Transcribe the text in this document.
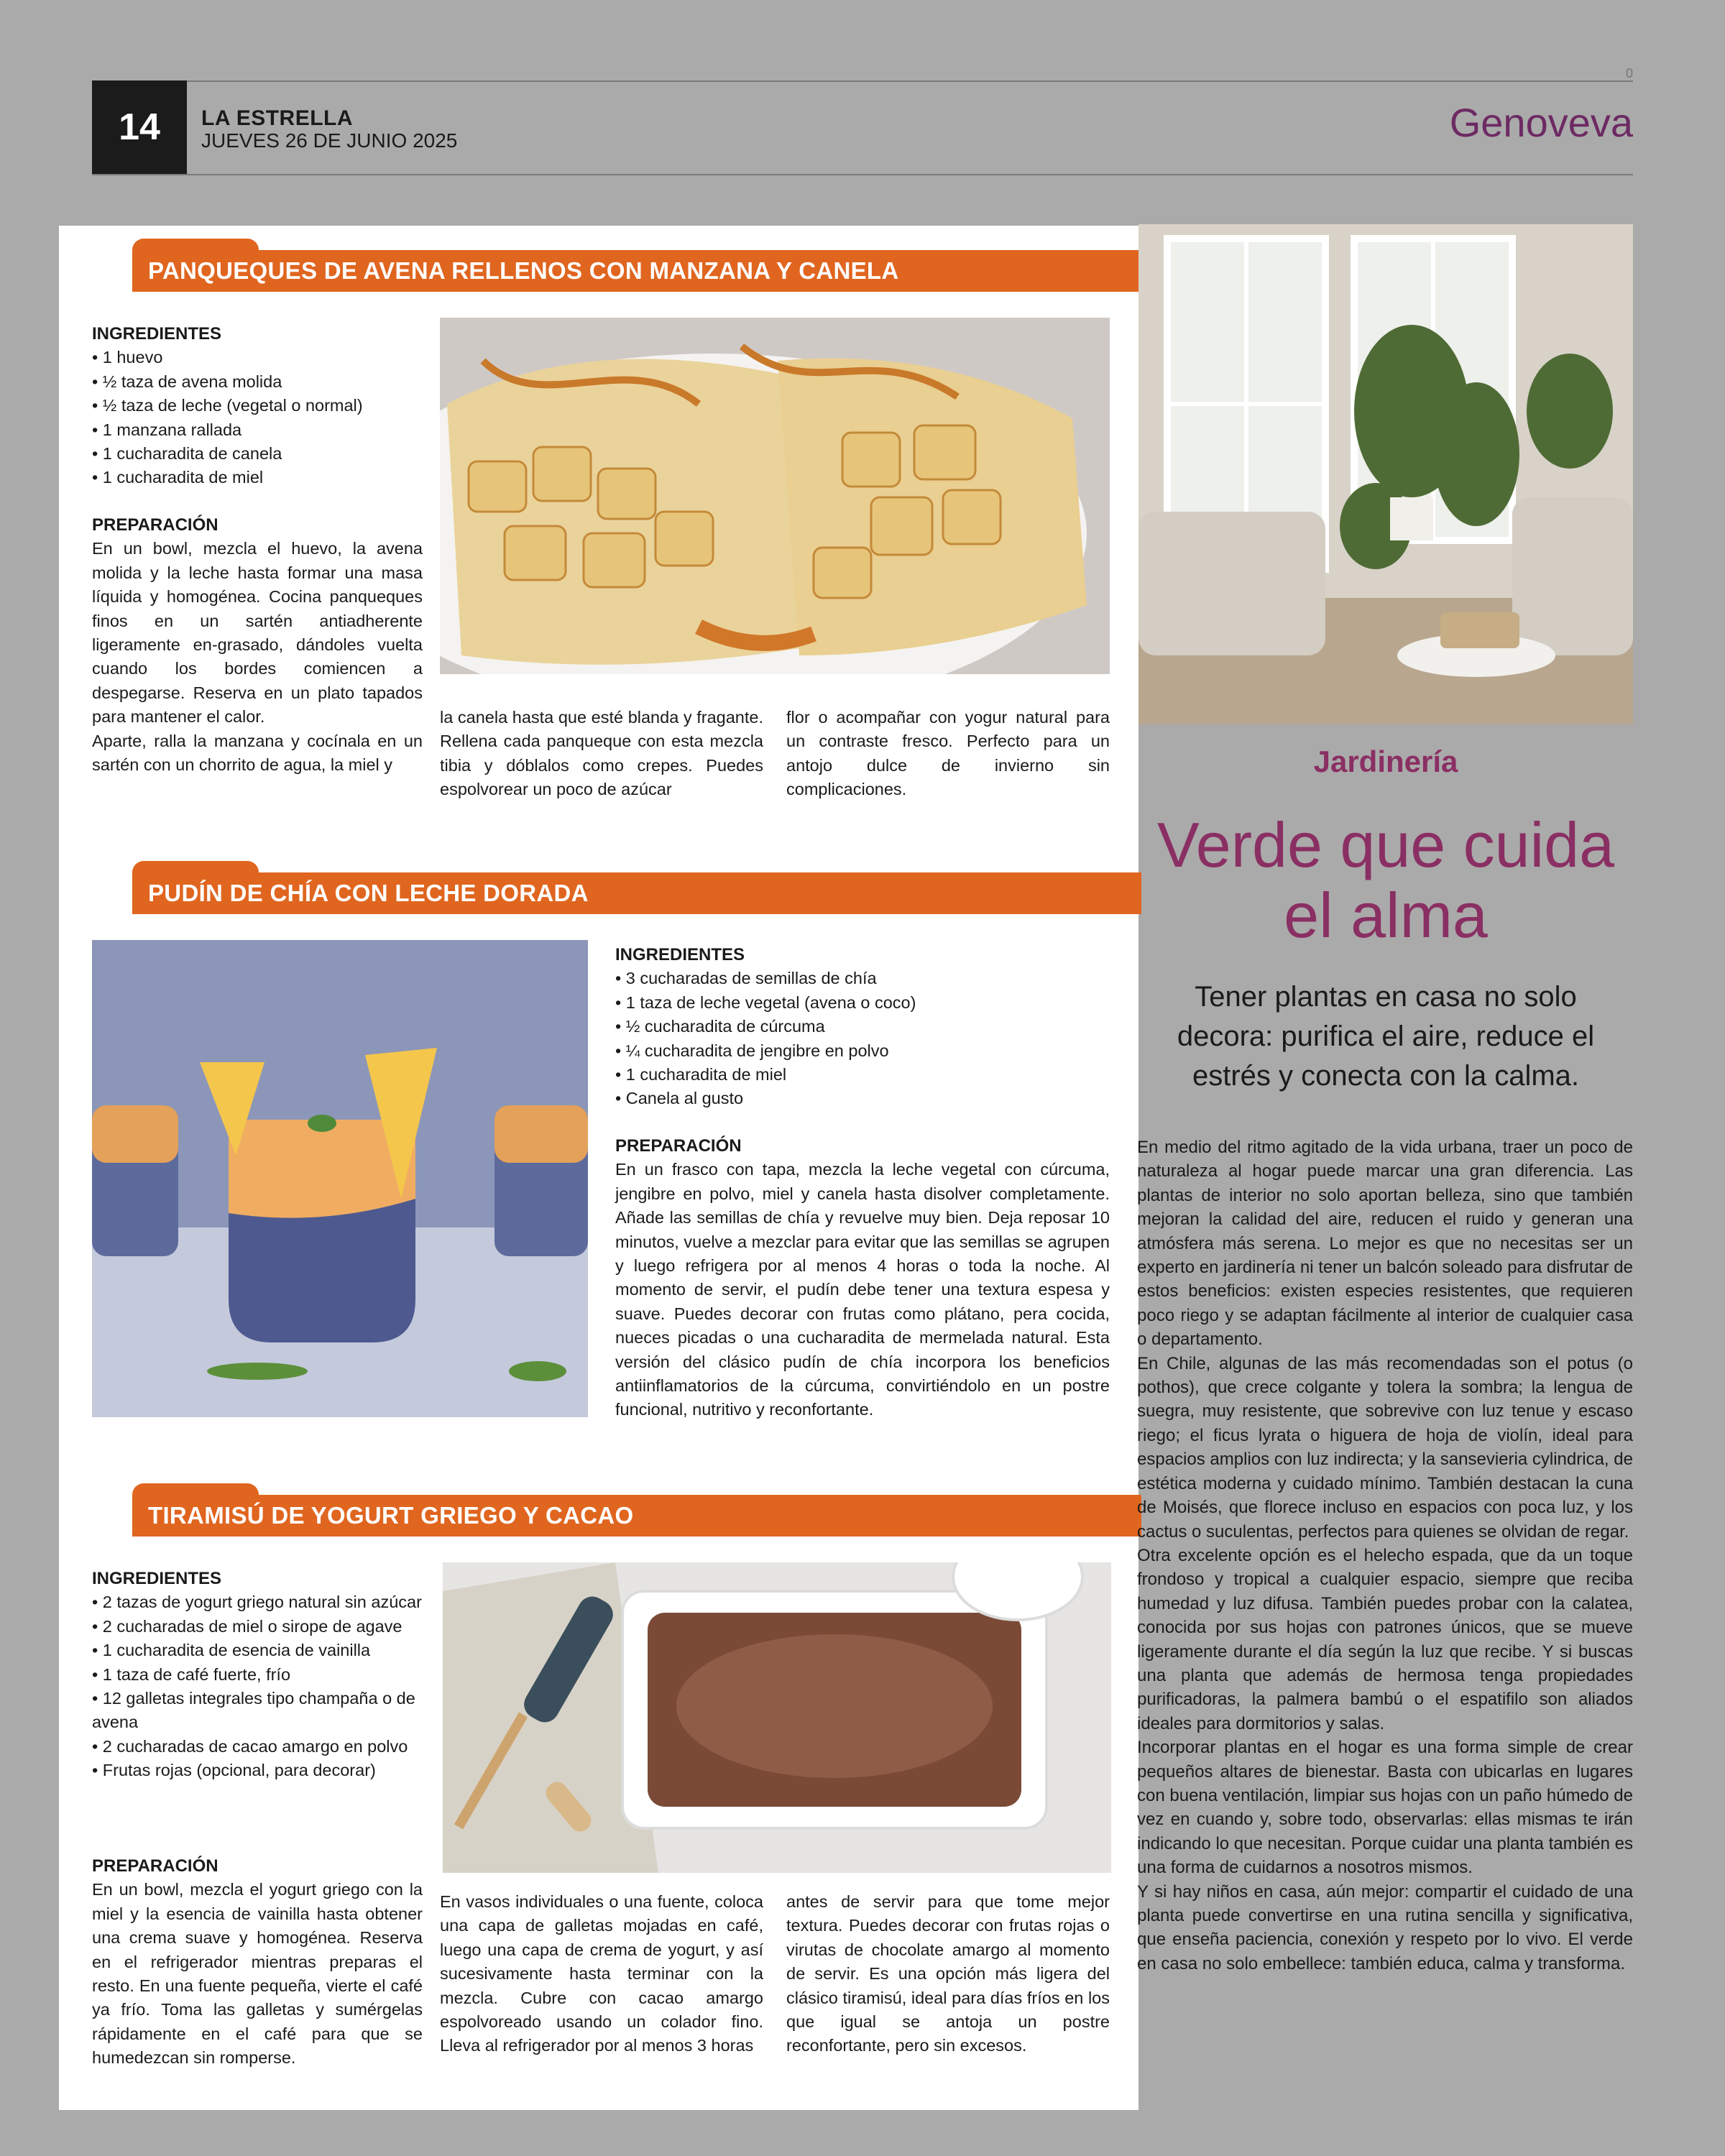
14	LA ESTRELLA
JUEVES 26 DE JUNIO 2025	Genoveva
0
PANQUEQUES DE AVENA RELLENOS CON MANZANA Y CANELA

INGREDIENTES

• 1 huevo
• ½ taza de avena molida
• ½ taza de leche (vegetal o normal)
• 1 manzana rallada
• 1 cucharadita de canela
• 1 cucharadita de miel

PREPARACIÓN

En un bowl, mezcla el huevo, la avena molida y la leche hasta formar una masa líquida y homogénea. Cocina panqueques finos en un sartén antiadherente ligeramente en-grasado, dándoles vuelta cuando los bordes comiencen a despegarse. Reserva en un plato tapados para mantener el calor.

Aparte, ralla la manzana y cocínala en un sartén con un chorrito de agua, la miel y

la canela hasta que esté blanda y fragante. Rellena cada panqueque con esta mezcla tibia y dóblalos como crepes. Puedes espolvorear un poco de azúcar

flor o acompañar con yogur natural para un contraste fresco. Perfecto para un antojo dulce de invierno sin complicaciones.

PUDÍN DE CHÍA CON LECHE DORADA

INGREDIENTES

• 3 cucharadas de semillas de chía
• 1 taza de leche vegetal (avena o coco)
• ½ cucharadita de cúrcuma
• ¼ cucharadita de jengibre en polvo
• 1 cucharadita de miel
• Canela al gusto

PREPARACIÓN

En un frasco con tapa, mezcla la leche vegetal con cúrcuma, jengibre en polvo, miel y canela hasta disolver completamente. Añade las semillas de chía y revuelve muy bien. Deja reposar 10 minutos, vuelve a mezclar para evitar que las semillas se agrupen y luego refrigera por al menos 4 horas o toda la noche. Al momento de servir, el pudín debe tener una textura espesa y suave. Puedes decorar con frutas como plátano, pera cocida, nueces picadas o una cucharadita de mermelada natural. Esta versión del clásico pudín de chía incorpora los beneficios antiinflamatorios de la cúrcuma, convirtiéndolo en un postre funcional, nutritivo y reconfortante.

TIRAMISÚ DE YOGURT GRIEGO Y CACAO

INGREDIENTES

• 2 tazas de yogurt griego natural sin azúcar
• 2 cucharadas de miel o sirope de agave
• 1 cucharadita de esencia de vainilla
• 1 taza de café fuerte, frío
• 12 galletas integrales tipo champaña o de avena
• 2 cucharadas de cacao amargo en polvo
• Frutas rojas (opcional, para decorar)

PREPARACIÓN

En un bowl, mezcla el yogurt griego con la miel y la esencia de vainilla hasta obtener una crema suave y homogénea. Reserva en el refrigerador mientras preparas el resto. En una fuente pequeña, vierte el café ya frío. Toma las galletas y sumérgelas rápidamente en el café para que se humedezcan sin romperse.

En vasos individuales o una fuente, coloca una capa de galletas mojadas en café, luego una capa de crema de yogurt, y así sucesivamente hasta terminar con la mezcla. Cubre con cacao amargo espolvoreado usando un colador fino. Lleva al refrigerador por al menos 3 horas

antes de servir para que tome mejor textura. Puedes decorar con frutas rojas o virutas de chocolate amargo al momento de servir. Es una opción más ligera del clásico tiramisú, ideal para días fríos en los que igual se antoja un postre reconfortante, pero sin excesos.

Jardinería
Verde que cuida
el alma
Tener plantas en casa no solo decora: purifica el aire, reduce el estrés y conecta con la calma.

En medio del ritmo agitado de la vida urbana, traer un poco de naturaleza al hogar puede marcar una gran diferencia. Las plantas de interior no solo aportan belleza, sino que también mejoran la calidad del aire, reducen el ruido y generan una atmósfera más serena. Lo mejor es que no necesitas ser un experto en jardinería ni tener un balcón soleado para disfrutar de estos beneficios: existen especies resistentes, que requieren poco riego y se adaptan fácilmente al interior de cualquier casa o departamento.

En Chile, algunas de las más recomendadas son el potus (o pothos), que crece colgante y tolera la sombra; la lengua de suegra, muy resistente, que sobrevive con luz tenue y escaso riego; el ficus lyrata o higuera de hoja de violín, ideal para espacios amplios con luz indirecta; y la sansevieria cylindrica, de estética moderna y cuidado mínimo. También destacan la cuna de Moisés, que florece incluso en espacios con poca luz, y los cactus o suculentas, perfectos para quienes se olvidan de regar.

Otra excelente opción es el helecho espada, que da un toque frondoso y tropical a cualquier espacio, siempre que reciba humedad y luz difusa. También puedes probar con la calatea, conocida por sus hojas con patrones únicos, que se mueve ligeramente durante el día según la luz que recibe. Y si buscas una planta que además de hermosa tenga propiedades purificadoras, la palmera bambú o el espatifilo son aliados ideales para dormitorios y salas.

Incorporar plantas en el hogar es una forma simple de crear pequeños altares de bienestar. Basta con ubicarlas en lugares con buena ventilación, limpiar sus hojas con un paño húmedo de vez en cuando y, sobre todo, observarlas: ellas mismas te irán indicando lo que necesitan. Porque cuidar una planta también es una forma de cuidarnos a nosotros mismos.

Y si hay niños en casa, aún mejor: compartir el cuidado de una planta puede convertirse en una rutina sencilla y significativa, que enseña paciencia, conexión y respeto por lo vivo. El verde en casa no solo embellece: también educa, calma y transforma.
